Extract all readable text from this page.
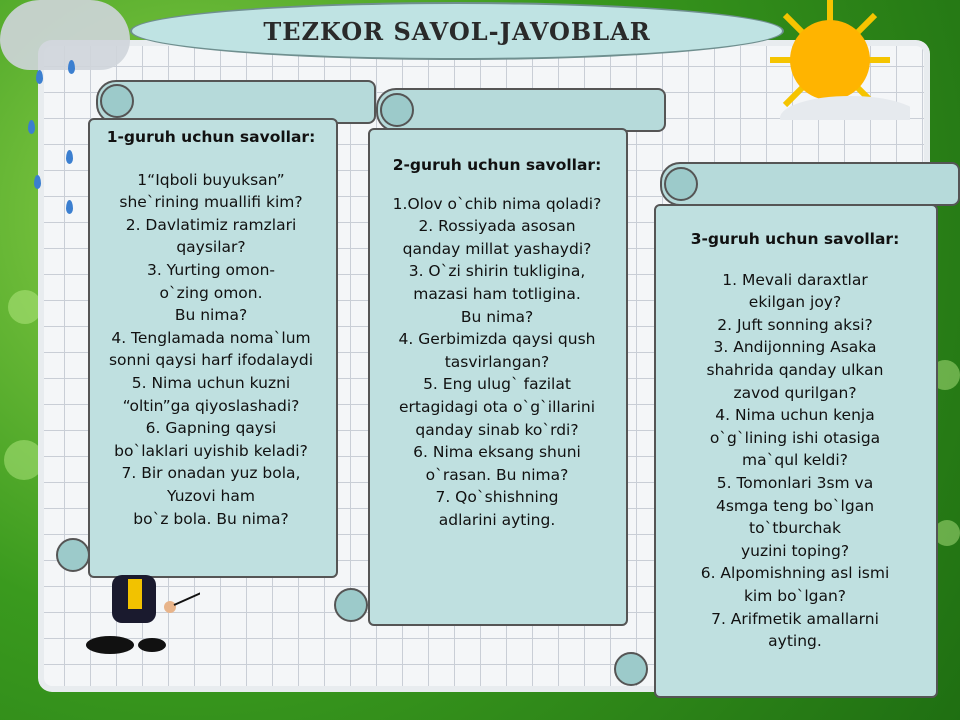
TEZKOR SAVOL-JAVOBLAR
1-guruh uchun savollar:
1“Iqboli buyuksan”
she`rining muallifi kim?
2. Davlatimiz ramzlari
qaysilar?
3. Yurting omon-
o`zing omon.
Bu nima?
4. Tenglamada noma`lum
sonni qaysi harf ifodalaydi
5. Nima uchun kuzni
“oltin”ga qiyoslashadi?
6. Gapning qaysi
bo`laklari uyishib keladi?
7. Bir onadan yuz bola,
Yuzovi ham
bo`z bola. Bu nima?
2-guruh uchun savollar:
1.Olov o`chib nima qoladi?
2. Rossiyada asosan
qanday millat yashaydi?
3. O`zi shirin tukligina,
mazasi ham totligina.
Bu nima?
4. Gerbimizda qaysi qush
tasvirlangan?
5. Eng ulug` fazilat
ertagidagi ota o`g`illarini
qanday sinab ko`rdi?
6. Nima eksang shuni
o`rasan. Bu nima?
7. Qo`shishning
adlarini ayting.
3-guruh uchun savollar:
1. Mevali daraxtlar
ekilgan joy?
2. Juft sonning aksi?
3. Andijonning Asaka
shahrida qanday ulkan
zavod qurilgan?
4. Nima uchun kenja
o`g`lining ishi otasiga
ma`qul keldi?
5. Tomonlari 3sm va
4smga teng bo`lgan
to`tburchak
yuzini toping?
6. Alpomishning asl ismi
kim bo`lgan?
7. Arifmetik amallarni
ayting.
